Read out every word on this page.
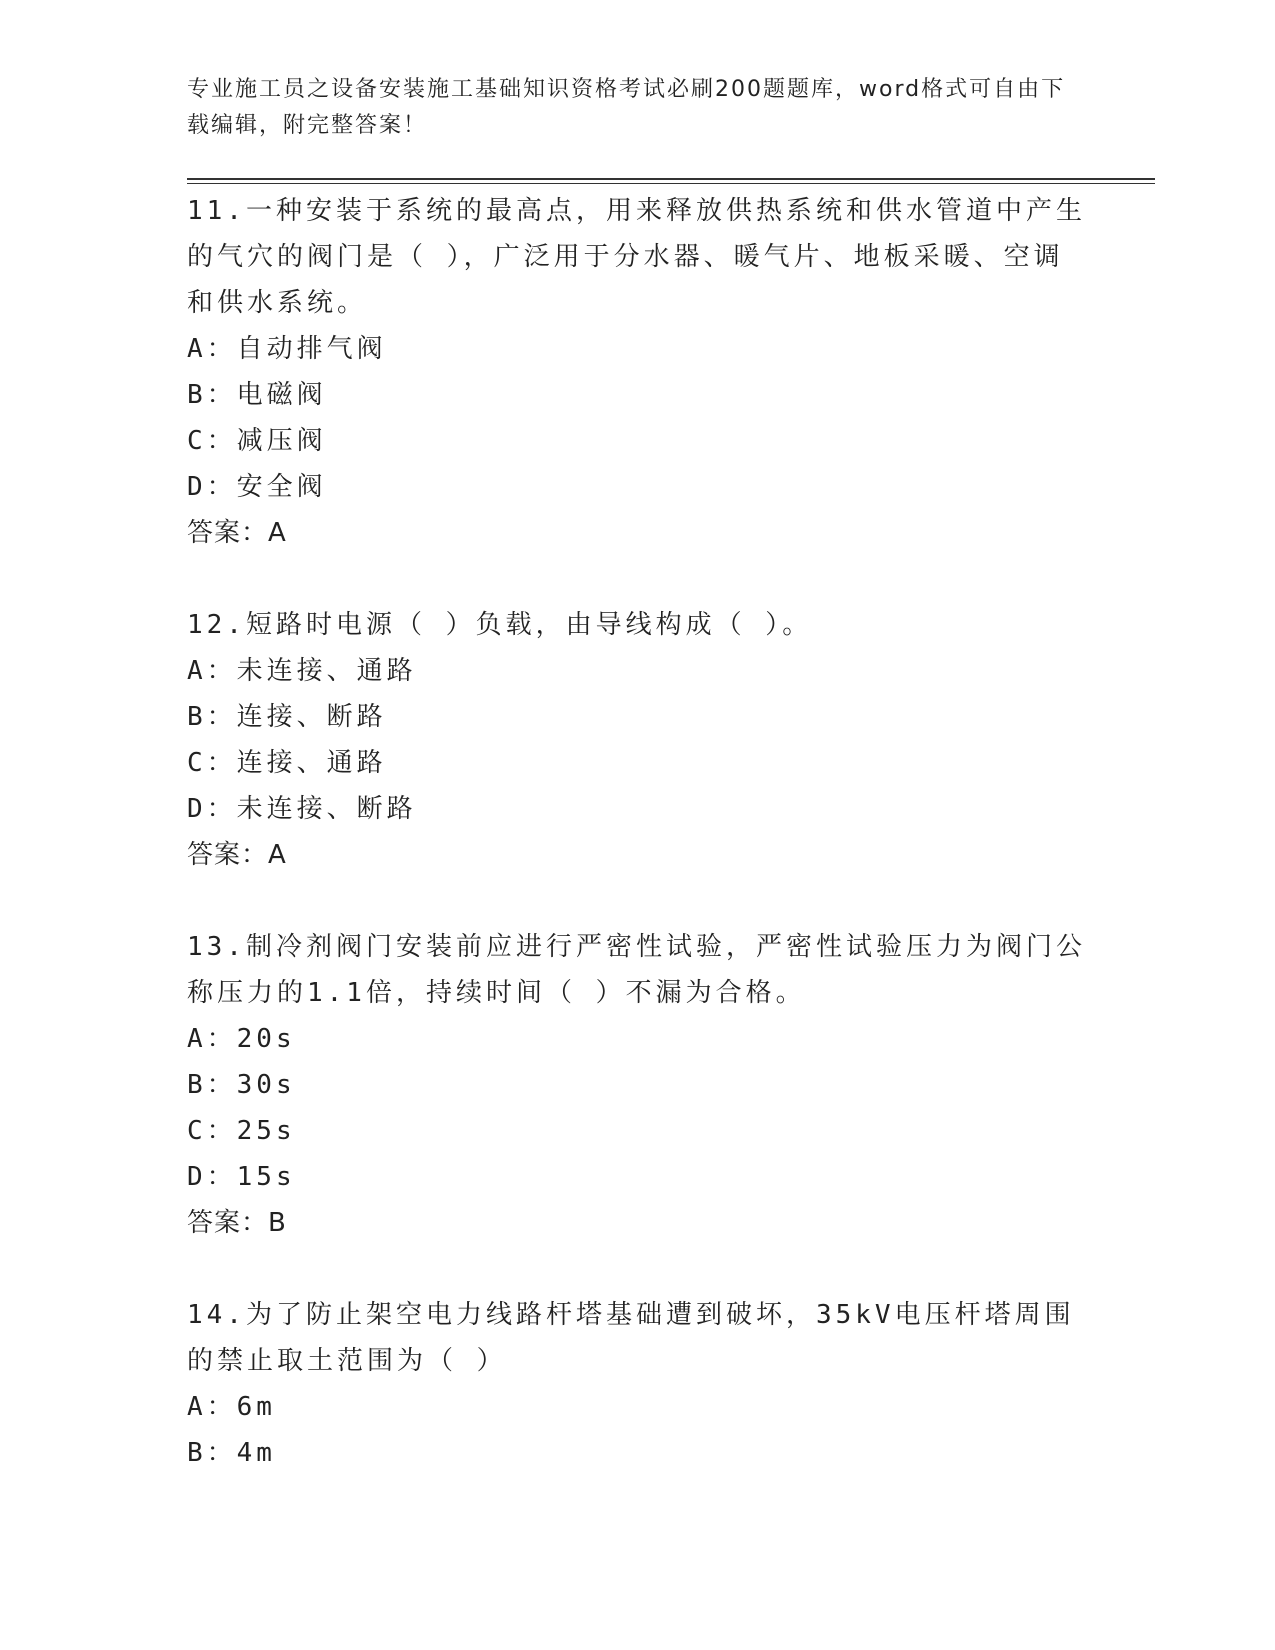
专业施工员之设备安装施工基础知识资格考试必刷200题题库，word格式可自由下载编辑，附完整答案！

11.一种安装于系统的最高点，用来释放供热系统和供水管道中产生的气穴的阀门是（ ），广泛用于分水器、暖气片、地板采暖、空调和供水系统。

A：自动排气阀

B：电磁阀

C：减压阀

D：安全阀

答案：A

12.短路时电源（ ）负载，由导线构成（ ）。

A：未连接、通路

B：连接、断路

C：连接、通路

D：未连接、断路

答案：A

13.制冷剂阀门安装前应进行严密性试验，严密性试验压力为阀门公称压力的1.1倍，持续时间（ ）不漏为合格。

A：20s

B：30s

C：25s

D：15s

答案：B

14.为了防止架空电力线路杆塔基础遭到破坏，35kV电压杆塔周围的禁止取土范围为（ ）

A：6m

B：4m
